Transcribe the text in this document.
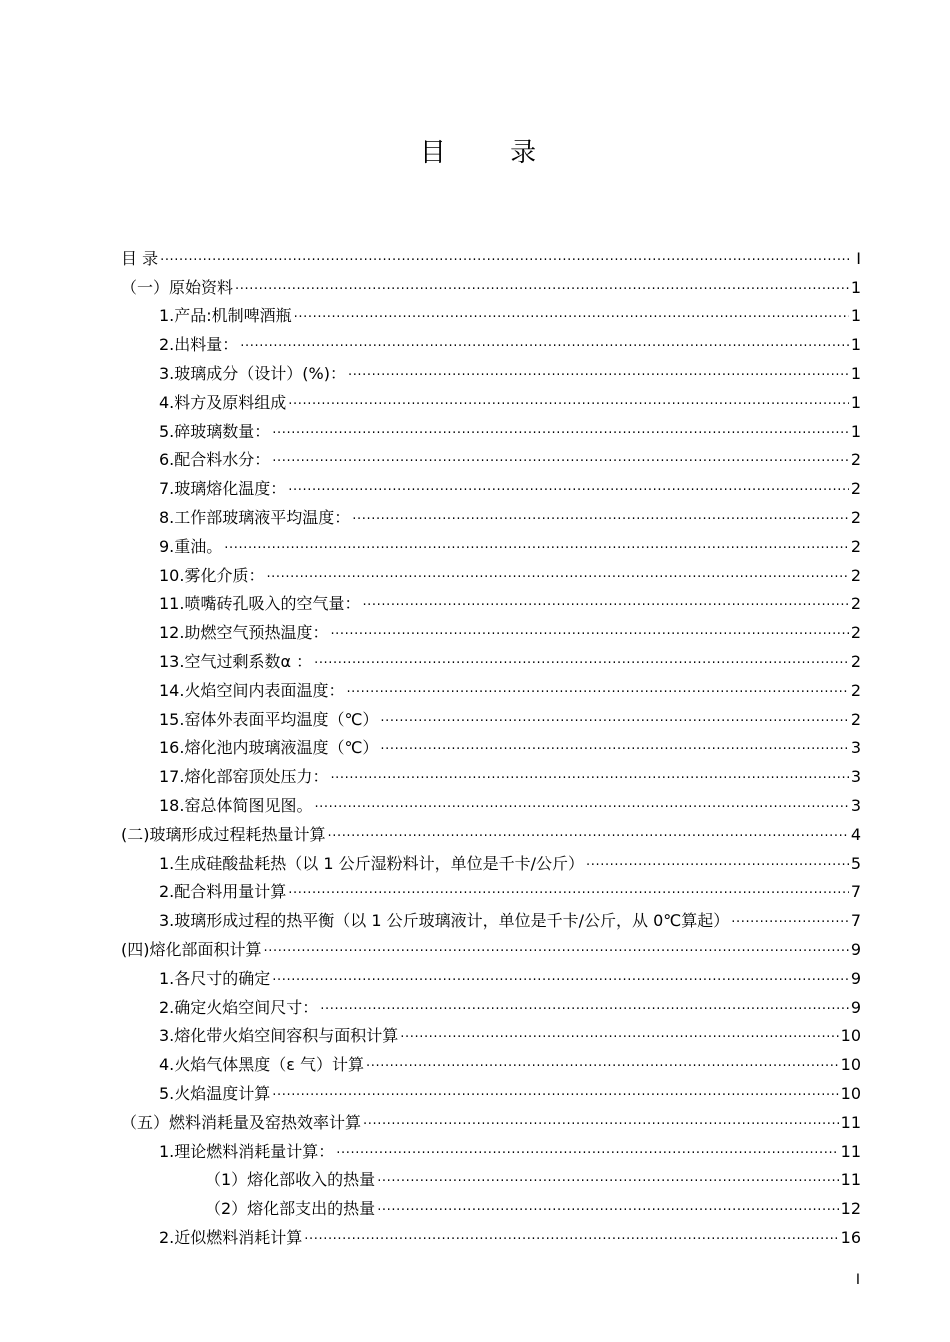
目 录
目 录 .....	I
（一）原始资料 .....	1
1.产品:机制啤酒瓶 .....	1
2.出料量： .....	1
3.玻璃成分（设计）(%)： .....	1
4.料方及原料组成 .....	1
5.碎玻璃数量： .....	1
6.配合料水分： .....	2
7.玻璃熔化温度： .....	2
8.工作部玻璃液平均温度： .....	2
9.重油。 .....	2
10.雾化介质： .....	2
11.喷嘴砖孔吸入的空气量： .....	2
12.助燃空气预热温度： .....	2
13.空气过剩系数α ： .....	2
14.火焰空间内表面温度： .....	2
15.窑体外表面平均温度（℃） .....	2
16.熔化池内玻璃液温度（℃） .....	3
17.熔化部窑顶处压力： .....	3
18.窑总体简图见图。 .....	3
(二)玻璃形成过程耗热量计算 .....	4
1.生成硅酸盐耗热（以 1 公斤湿粉料计，单位是千卡/公斤） .....	5
2.配合料用量计算 .....	7
3.玻璃形成过程的热平衡（以 1 公斤玻璃液计，单位是千卡/公斤，从 0℃算起） .....	7
(四)熔化部面积计算 .....	9
1.各尺寸的确定 .....	9
2.确定火焰空间尺寸： .....	9
3.熔化带火焰空间容积与面积计算 .....	10
4.火焰气体黑度（ε 气）计算 .....	10
5.火焰温度计算 .....	10
（五）燃料消耗量及窑热效率计算 .....	11
1.理论燃料消耗量计算： .....	11
（1）熔化部收入的热量 .....	11
（2）熔化部支出的热量 .....	12
2.近似燃料消耗计算 .....	16
I
